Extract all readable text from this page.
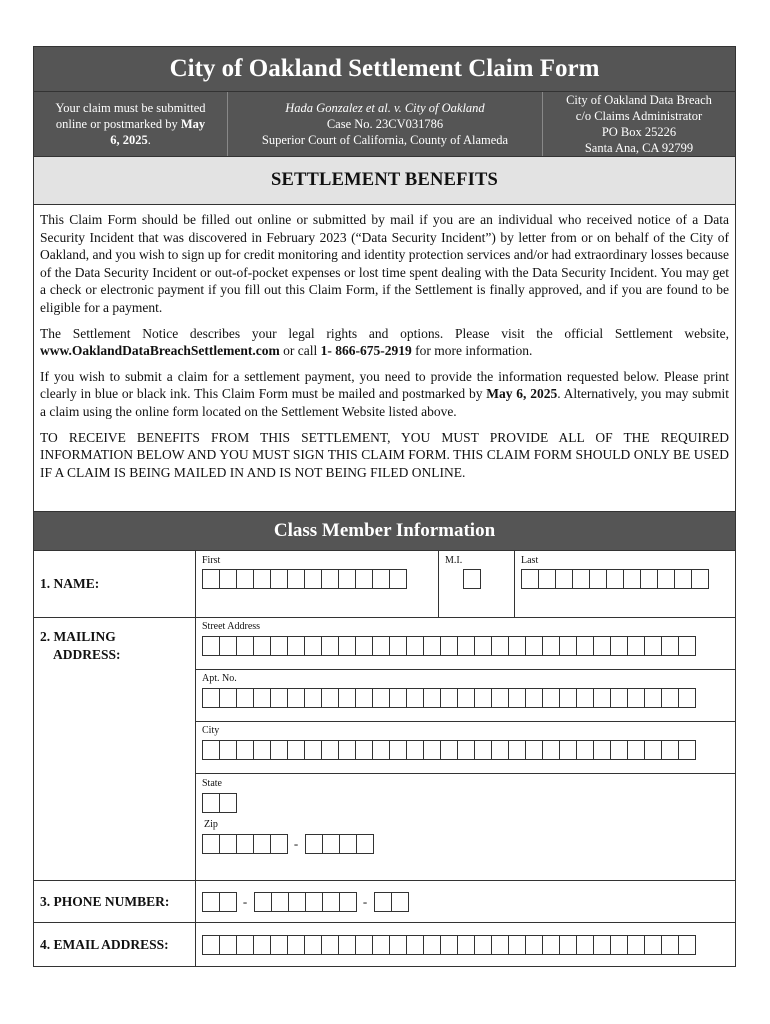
City of Oakland Settlement Claim Form
Your claim must be submitted
online or postmarked by May
6, 2025.
Hada Gonzalez et al. v. City of Oakland
Case No. 23CV031786
Superior Court of California, County of Alameda
City of Oakland Data Breach
c/o Claims Administrator
PO Box 25226
Santa Ana, CA 92799
SETTLEMENT BENEFITS

This Claim Form should be filled out online or submitted by mail if you are an individual who received notice of a Data Security Incident that was discovered in February 2023 (“Data Security Incident”) by letter from or on behalf of the City of Oakland, and you wish to sign up for credit monitoring and identity protection services and/or had extraordinary losses because of the Data Security Incident or out-of-pocket expenses or lost time spent dealing with the Data Security Incident. You may get a check or electronic payment if you fill out this Claim Form, if the Settlement is finally approved, and if you are found to be eligible for a payment.

The Settlement Notice describes your legal rights and options. Please visit the official Settlement website, www.OaklandDataBreachSettlement.com or call 1- 866-675-2919 for more information.

If you wish to submit a claim for a settlement payment, you need to provide the information requested below. Please print clearly in blue or black ink. This Claim Form must be mailed and postmarked by May 6, 2025. Alternatively, you may submit a claim using the online form located on the Settlement Website listed above.

TO RECEIVE BENEFITS FROM THIS SETTLEMENT, YOU MUST PROVIDE ALL OF THE REQUIRED INFORMATION BELOW AND YOU MUST SIGN THIS CLAIM FORM. THIS CLAIM FORM SHOULD ONLY BE USED IF A CLAIM IS BEING MAILED IN AND IS NOT BEING FILED ONLINE.

Class Member Information
1. NAME:
First	M.I.	Last
2. MAILING
ADDRESS:
Street Address
Apt. No.
City
State
Zip
-
3. PHONE NUMBER:	-	-
4. EMAIL ADDRESS:
